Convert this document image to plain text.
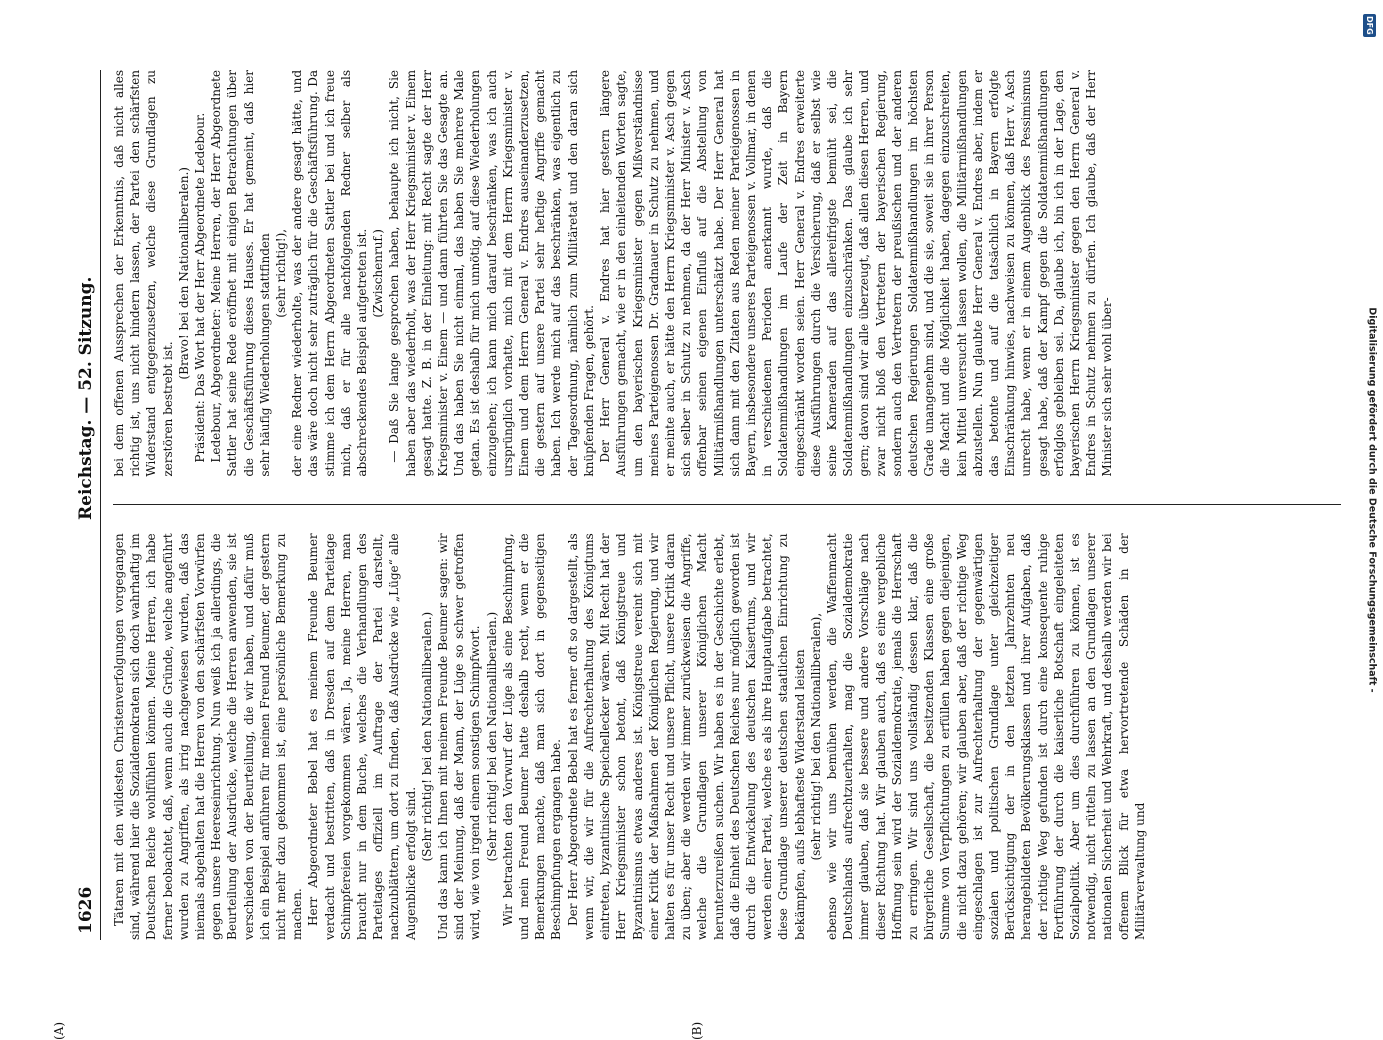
1626
Reichstag. — 52. Sitzung.
(A)	(B)

Tätaren mit den wildesten Christenverfolgungen vorgegangen sind, während hier die Sozialdemokraten sich doch wahrhaftig im Deutschen Reiche wohlfühlen können. Meine Herren, ich habe ferner beobachtet, daß, wenn auch die Gründe, welche angeführt wurden zu Angriffen, als irrig nachgewiesen wurden, daß das niemals abgehalten hat die Herren von den schärfsten Vorwürfen gegen unsere Heereseinrichtung. Nun weiß ich ja allerdings, die Beurteilung der Ausdrücke, welche die Herren anwenden, sie ist verschieden von der Beurteilung, die wir haben, und dafür muß ich ein Beispiel anführen für meinen Freund Beumer, der gestern nicht mehr dazu gekommen ist, eine persönliche Bemerkung zu machen. Herr Abgeordneter Bebel hat es meinem Freunde Beumer verdacht und bestritten, daß in Dresden auf dem Parteitage Schimpfereien vorgekommen wären. Ja, meine Herren, man braucht nur in dem Buche, welches die Verhandlungen des Parteitages offiziell im Auftrage der Partei darstellt, nachzublättern, um dort zu finden, daß Ausdrücke wie „Lüge“ alle Augenblicke erfolgt sind.

(Sehr richtig! bei den Nationalliberalen.) Und das kann ich Ihnen mit meinem Freunde Beumer sagen: wir sind der Meinung, daß der Mann, der Lüge so schwer getroffen wird, wie von irgend einem sonstigen Schimpfwort. (Sehr richtig! bei den Nationalliberalen.) Wir betrachten den Vorwurf der Lüge als eine Beschimpfung, und mein Freund Beumer hatte deshalb recht, wenn er die Bemerkungen machte, daß man sich dort in gegenseitigen Beschimpfungen ergangen habe. Der Herr Abgeordnete Bebel hat es ferner oft so dargestellt, als wenn wir, die wir für die Aufrechterhaltung des Königtums eintreten, byzantinische Speichellecker wären. Mit Recht hat der Herr Kriegsminister schon betont, daß Königstreue und Byzantinismus etwas anderes ist. Königstreue vereint sich mit einer Kritik der Maßnahmen der Königlichen Regierung, und wir halten es für unser Recht und unsere Pflicht, unsere Kritik daran zu üben; aber die werden wir immer zurückweisen die Angriffe, welche die Grundlagen unserer Königlichen Macht herunterzureißen suchen. Wir haben es in der Geschichte erlebt, daß die Einheit des Deutschen Reiches nur möglich geworden ist durch die Entwickelung des deutschen Kaisertums, und wir werden einer Partei, welche es als ihre Hauptaufgabe betrachtet, diese Grundlage unserer deutschen staatlichen Einrichtung zu bekämpfen, aufs lebhafteste Widerstand leisten (sehr richtig! bei den Nationalliberalen), ebenso wie wir uns bemühen werden, die Waffenmacht Deutschlands aufrechtzuerhalten, mag die Sozialdemokratie immer glauben, daß sie bessere und andere Vorschläge nach dieser Richtung hat. Wir glauben auch, daß es eine vergebliche Hoffnung sein wird der Sozialdemokratie, jemals die Herrschaft zu erringen. Wir sind uns vollständig dessen klar, daß die bürgerliche Gesellschaft, die besitzenden Klassen eine große Summe von Verpflichtungen zu erfüllen haben gegen diejenigen, die nicht dazu gehören; wir glauben aber, daß der richtige Weg eingeschlagen ist zur Aufrechterhaltung der gegenwärtigen sozialen und politischen Grundlage unter gleichzeitiger Berücksichtigung der in den letzten Jahrzehnten neu herangebildeten Bevölkerungsklassen und ihrer Aufgaben, daß der richtige Weg gefunden ist durch eine konsequente ruhige Fortführung der durch die kaiserliche Botschaft eingeleiteten Sozialpolitik. Aber um dies durchführen zu können, ist es notwendig, nicht rütteln zu lassen an den Grundlagen unserer nationalen Sicherheit und Wehrkraft, und deshalb werden wir bei offenem Blick für etwa hervortretende Schäden in der Militärverwaltung und

bei dem offenen Aussprechen der Erkenntnis, daß nicht alles richtig ist, uns nicht hindern lassen, der Partei den schärfsten Widerstand entgegenzusetzen, welche diese Grundlagen zu zerstören bestrebt ist.

(Bravo! bei den Nationalliberalen.) Präsident: Das Wort hat der Herr Abgeordnete Ledebour. Ledebour, Abgeordneter: Meine Herren, der Herr Abgeordnete Sattler hat seine Rede eröffnet mit einigen Betrachtungen über die Geschäftsführung dieses Hauses. Er hat gemeint, daß hier sehr häufig Wiederholungen stattfinden (sehr richtig!), der eine Redner wiederholte, was der andere gesagt hätte, und das wäre doch nicht sehr zuträglich für die Geschäftsführung. Da stimme ich dem Herrn Abgeordneten Sattler bei und ich freue mich, daß er für alle nachfolgenden Redner selber als abschreckendes Beispiel aufgetreten ist. (Zwischenruf.) — Daß Sie lange gesprochen haben, behaupte ich nicht, Sie haben aber das wiederholt, was der Herr Kriegsminister v. Einem gesagt hatte. Z. B. in der Einleitung: mit Recht sagte der Herr Kriegsminister v. Einem — und dann führten Sie das Gesagte an. Und das haben Sie nicht einmal, das haben Sie mehrere Male getan. Es ist deshalb für mich unnötig, auf diese Wiederholungen einzugehen; ich kann mich darauf beschränken, was ich auch ursprünglich vorhatte, mich mit dem Herrn Kriegsminister v. Einem und dem Herrn General v. Endres auseinanderzusetzen, die gestern auf unsere Partei sehr heftige Angriffe gemacht haben. Ich werde mich auf das beschränken, was eigentlich zu der Tagesordnung, nämlich zum Militäretat und den daran sich knüpfenden Fragen, gehört. Der Herr General v. Endres hat hier gestern längere Ausführungen gemacht, wie er in den einleitenden Worten sagte, um den bayerischen Kriegsminister gegen Mißverständnisse meines Parteigenossen Dr. Gradnauer in Schutz zu nehmen, und er meinte auch, er hätte den Herrn Kriegsminister v. Asch gegen sich selber in Schutz zu nehmen, da der Herr Minister v. Asch offenbar seinen eigenen Einfluß auf die Abstellung von Militärmißhandlungen unterschätzt habe. Der Herr General hat sich dann mit den Zitaten aus Reden meiner Parteigenossen in Bayern, insbesondere unseres Parteigenossen v. Vollmar, in denen in verschiedenen Perioden anerkannt wurde, daß die Soldatenmißhandlungen im Laufe der Zeit in Bayern eingeschränkt worden seien. Herr General v. Endres erweiterte diese Ausführungen durch die Versicherung, daß er selbst wie seine Kameraden auf das allereifrigste bemüht sei, die Soldatenmißhandlungen einzuschränken. Das glaube ich sehr gern; davon sind wir alle überzeugt, daß allen diesen Herren, und zwar nicht bloß den Vertretern der bayerischen Regierung, sondern auch den Vertretern der preußischen und der anderen deutschen Regierungen Soldatenmißhandlungen im höchsten Grade unangenehm sind, und die sie, soweit sie in ihrer Person die Macht und die Möglichkeit haben, dagegen einzuschreiten, kein Mittel unversucht lassen wollen, die Militärmißhandlungen abzustellen. Nun glaubte Herr General v. Endres aber, indem er das betonte und auf die tatsächlich in Bayern erfolgte Einschränkung hinwies, nachweisen zu können, daß Herr v. Asch unrecht habe, wenn er in einem Augenblick des Pessimismus gesagt habe, daß der Kampf gegen die Soldatenmißhandlungen erfolglos gebleiben sei. Da, glaube ich, bin ich in der Lage, den bayerischen Herrn Kriegsminister gegen den Herrn General v. Endres in Schutz nehmen zu dürfen. Ich glaube, daß der Herr Minister sich sehr wohl über-

DFG
Digitalisierung gefördert durch die Deutsche Forschungsgemeinschaft -
